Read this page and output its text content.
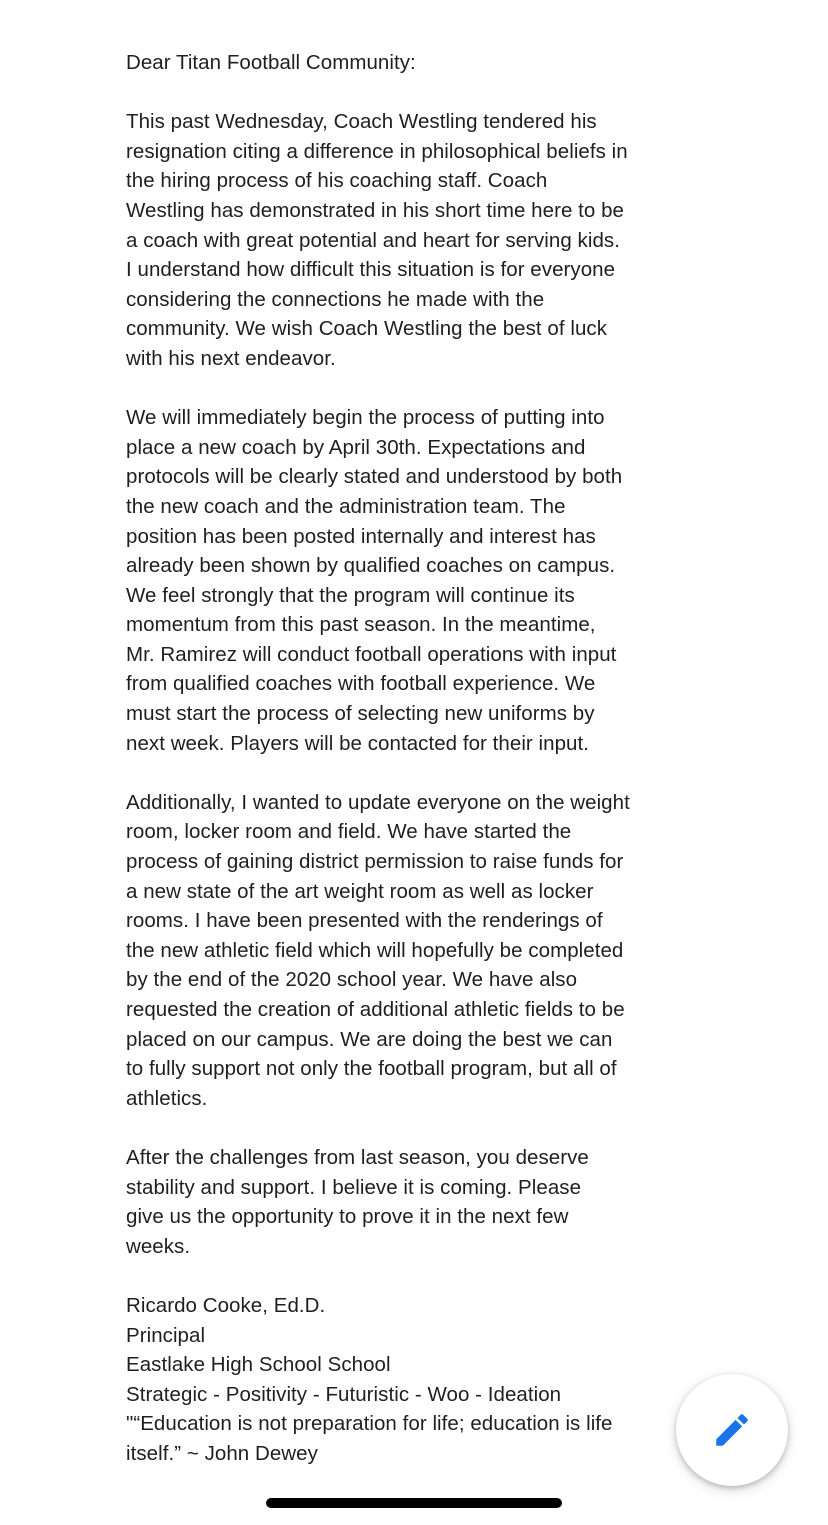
Dear Titan Football Community:
This past Wednesday, Coach Westling tendered his
resignation citing a difference in philosophical beliefs in
the hiring process of his coaching staff. Coach
Westling has demonstrated in his short time here to be
a coach with great potential and heart for serving kids.
I understand how difficult this situation is for everyone
considering the connections he made with the
community. We wish Coach Westling the best of luck
with his next endeavor.
We will immediately begin the process of putting into
place a new coach by April 30th. Expectations and
protocols will be clearly stated and understood by both
the new coach and the administration team. The
position has been posted internally and interest has
already been shown by qualified coaches on campus.
We feel strongly that the program will continue its
momentum from this past season. In the meantime,
Mr. Ramirez will conduct football operations with input
from qualified coaches with football experience. We
must start the process of selecting new uniforms by
next week. Players will be contacted for their input.
Additionally, I wanted to update everyone on the weight
room, locker room and field. We have started the
process of gaining district permission to raise funds for
a new state of the art weight room as well as locker
rooms. I have been presented with the renderings of
the new athletic field which will hopefully be completed
by the end of the 2020 school year. We have also
requested the creation of additional athletic fields to be
placed on our campus. We are doing the best we can
to fully support not only the football program, but all of
athletics.
After the challenges from last season, you deserve
stability and support. I believe it is coming. Please
give us the opportunity to prove it in the next few
weeks.
Ricardo Cooke, Ed.D.
Principal
Eastlake High School School
Strategic - Positivity - Futuristic - Woo - Ideation
"“Education is not preparation for life; education is life
itself.” ~ John Dewey
